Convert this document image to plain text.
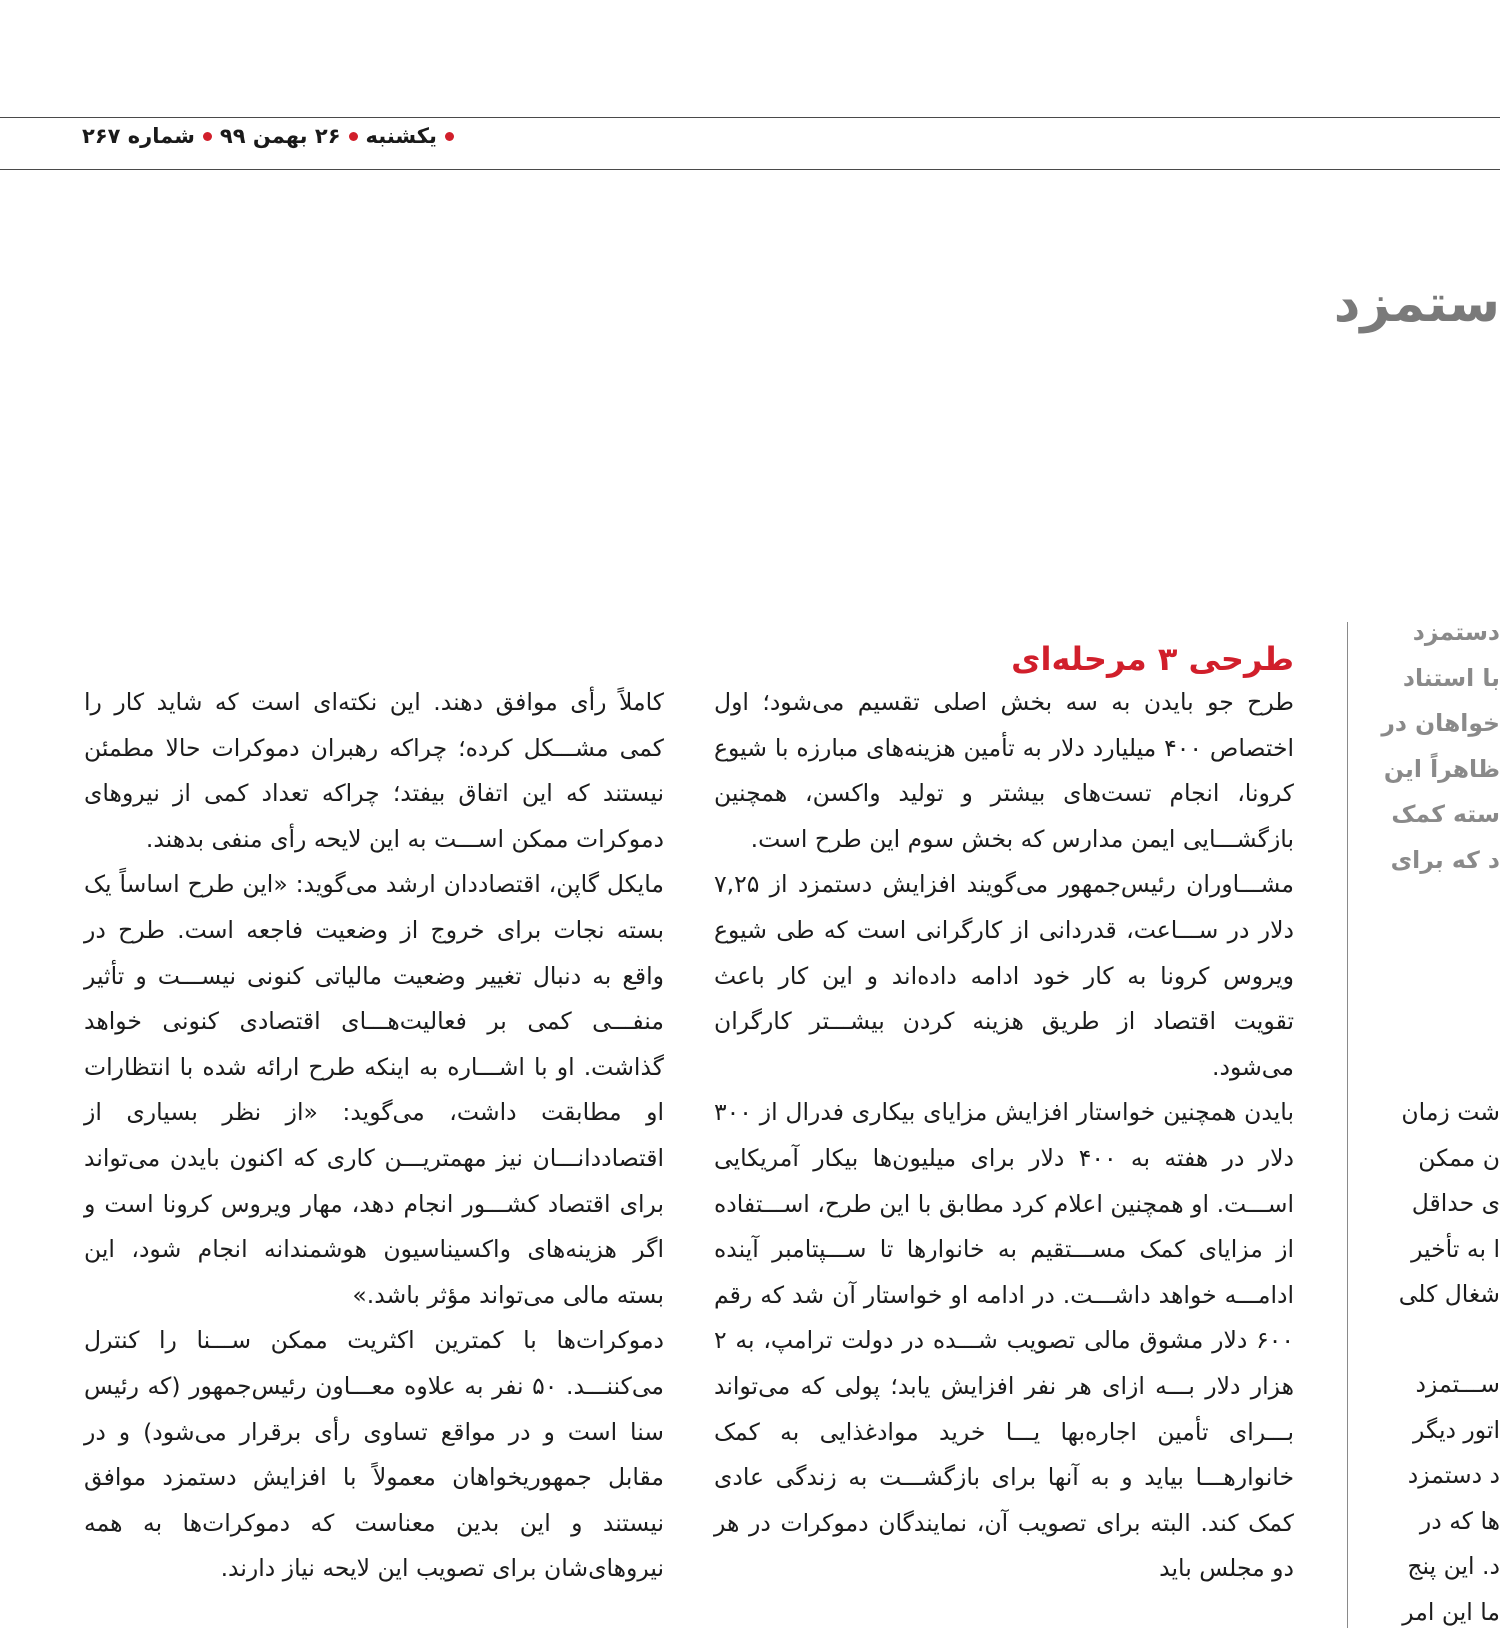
یکشنبه
۲۶ بهمن ۹۹
شماره ۲۶۷
ستمزد
دستمزد
با استناد
خواهان در
ظاهراً این
سته کمک
د که برای
شت زمان
ن ممکن
ی حداقل
ا به تأخیر
شغال کلی
ســـتمزد
اتور دیگر
د دستمزد
‌ها که در
د. این پنج
ما این امر
طرحی ۳ مرحله‌ای

طرح جو بایدن به سه بخش اصلی تقسیم می‌شود؛ اول اختصاص ۴۰۰ میلیارد دلار به تأمین هزینه‌های مبارزه با شیوع کرونا، انجام تست‌های بیشتر و تولید واکسن، همچنین بازگشـــایی ایمن مدارس که بخش سوم این طرح است.

مشـــاوران رئیس‌جمهور می‌گویند افزایش دستمزد از ۷,۲۵ دلار در ســـاعت، قدردانی از کارگرانی است که طی شیوع ویروس کرونا به کار خود ادامه داده‌اند و این کار باعث تقویت اقتصاد از طریق هزینه کردن بیشـــتر کارگران می‌شود.

بایدن همچنین خواستار افزایش مزایای بیکاری فدرال از ۳۰۰ دلار در هفته به ۴۰۰ دلار برای میلیون‌ها بیکار آمریکایی اســـت. او همچنین اعلام کرد مطابق با این طرح، اســـتفاده از مزایای کمک مســـتقیم به خانوارها تا ســـپتامبر آینده ادامـــه خواهد داشـــت. در ادامه او خواستار آن شد که رقم ۶۰۰ دلار مشوق مالی تصویب شـــده در دولت ترامپ، به ۲ هزار دلار بـــه ازای هر نفر افزایش یابد؛ پولی که می‌تواند بـــرای تأمین اجاره‌بها یـــا خرید موادغذایی به کمک خانوارهـــا بیاید و به آنها برای بازگشـــت به زندگی عادی کمک کند. البته برای تصویب آن، نمایندگان دموکرات در هر دو مجلس باید

کاملاً رأی موافق دهند. این نکته‌ای است که شاید کار را کمی مشـــکل کرده؛ چراکه رهبران دموکرات حالا مطمئن نیستند که این اتفاق بیفتد؛ چراکه تعداد کمی از نیروهای دموکرات ممکن اســـت به این لایحه رأی منفی بدهند.

مایکل گاپن، اقتصاددان ارشد می‌گوید: «این طرح اساساً یک بسته نجات برای خروج از وضعیت فاجعه است. طرح در واقع به دنبال تغییر وضعیت مالیاتی کنونی نیســـت و تأثیر منفـــی کمی بر فعالیت‌هـــای اقتصادی کنونی خواهد گذاشت. او با اشـــاره به اینکه طرح ارائه شده با انتظارات او مطابقت داشت، می‌گوید: «از نظر بسیاری از اقتصاددانـــان نیز مهمتریـــن کاری که اکنون بایدن می‌تواند برای اقتصاد کشـــور انجام دهد، مهار ویروس کرونا است و اگر هزینه‌های واکسیناسیون هوشمندانه انجام شود، این بسته مالی می‌تواند مؤثر باشد.»

دموکرات‌ها با کمترین اکثریت ممکن ســـنا را کنترل می‌کننـــد. ۵۰ نفر به علاوه معـــاون رئیس‌جمهور (که رئیس سنا است و در مواقع تساوی رأی برقرار می‌شود) و در مقابل جمهوریخواهان معمولاً با افزایش دستمزد موافق نیستند و این بدین معناست که دموکرات‌ها به همه نیروهای‌شان برای تصویب این لایحه نیاز دارند.
